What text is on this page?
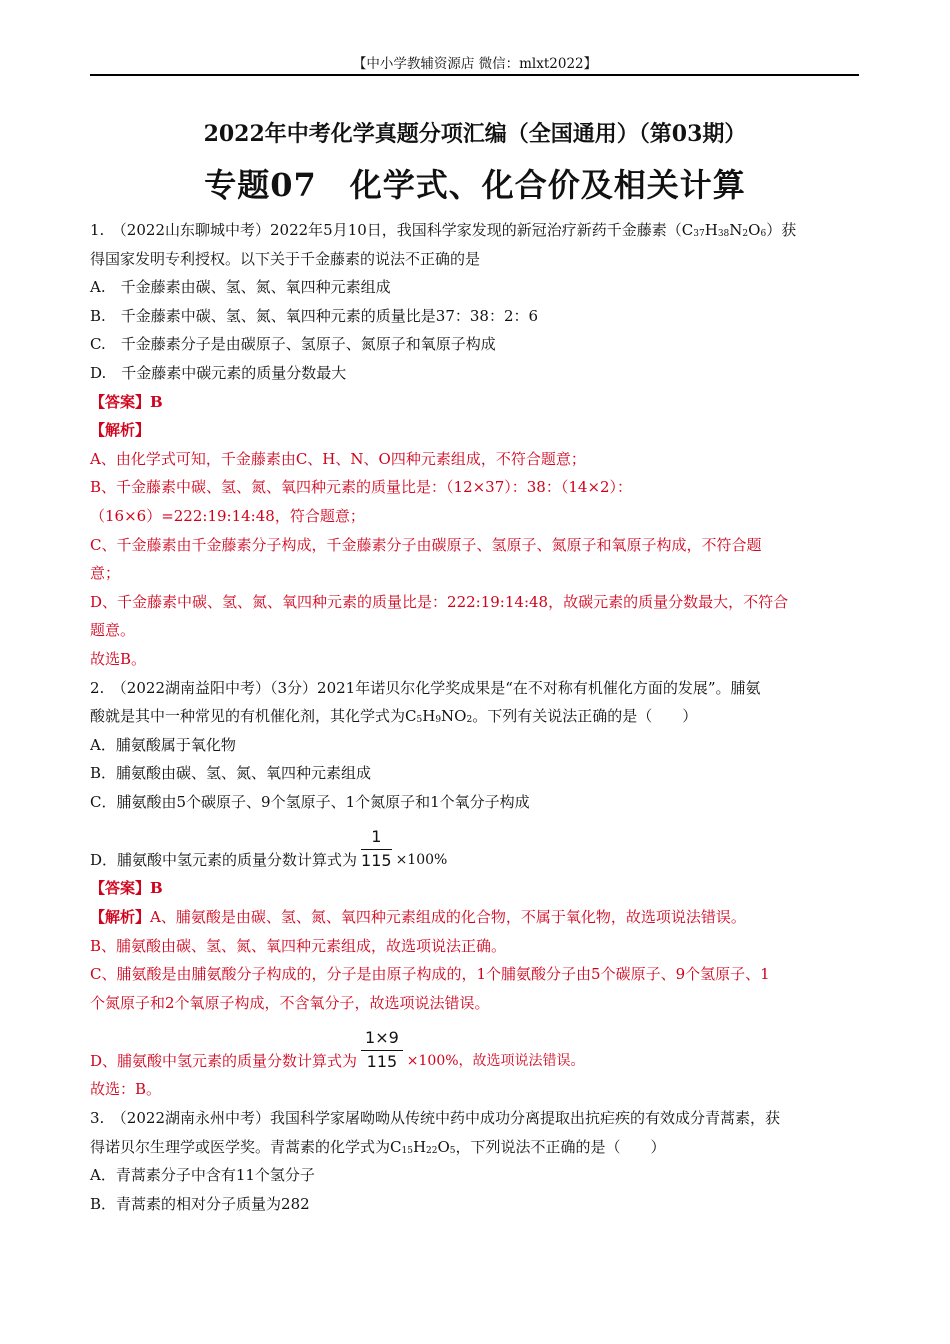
【中小学教辅资源店 微信：mlxt2022】
2022年中考化学真题分项汇编（全国通用）（第03期）
专题07　化学式、化合价及相关计算
1.　（2022山东聊城中考）2022年5月10日，我国科学家发现的新冠治疗新药千金藤素$(C_{37}H_{38}N_2O_6)$获
得国家发明专利授权。以下关于千金藤素的说法不正确的是
A.　千金藤素由碳、氢、氮、氧四种元素组成
B.　千金藤素中碳、氢、氮、氧四种元素的质量比是37：38：2：6
C.　千金藤素分子是由碳原子、氢原子、氮原子和氧原子构成
D.　千金藤素中碳元素的质量分数最大
【答案】B
【解析】
A、由化学式可知，千金藤素由C、H、N、O四种元素组成，不符合题意；
B、千金藤素中碳、氢、氮、氧四种元素的质量比是：（12×37）：38：（14×2）：
（16×6）=222:19:14:48，符合题意；
C、千金藤素由千金藤素分子构成，千金藤素分子由碳原子、氢原子、氮原子和氧原子构成，不符合题
意；
D、千金藤素中碳、氢、氮、氧四种元素的质量比是：222:19:14:48，故碳元素的质量分数最大，不符合
题意。
故选B。
2.　（2022湖南益阳中考）（3分）2021年诺贝尔化学奖成果是“在不对称有机催化方面的发展”。脯氨
酸就是其中一种常见的有机催化剂，其化学式为$C_5H_9NO_2$。下列有关说法正确的是（　　）
A．脯氨酸属于氧化物
B．脯氨酸由碳、氢、氮、氧四种元素组成
C．脯氨酸由5个碳原子、9个氢原子、1个氮原子和1个氧分子构成
D．脯氨酸中氢元素的质量分数计算式为 $\frac{1}{115} \times 100\%$
【答案】B
【解析】A、脯氨酸是由碳、氢、氮、氧四种元素组成的化合物，不属于氧化物，故选项说法错误。
B、脯氨酸由碳、氢、氮、氧四种元素组成，故选项说法正确。
C、脯氨酸是由脯氨酸分子构成的，分子是由原子构成的，1个脯氨酸分子由5个碳原子、9个氢原子、1
个氮原子和2个氧原子构成，不含氧分子，故选项说法错误。
D、脯氨酸中氢元素的质量分数计算式为 $\frac{1\times 9}{115} \times 100\%$，故选项说法错误。
故选：B。
3.　（2022湖南永州中考）我国科学家屠呦呦从传统中药中成功分离提取出抗疟疾的有效成分青蒿素，获
得诺贝尔生理学或医学奖。青蒿素的化学式为$C_{15}H_{22}O_5$，下列说法不正确的是（　　）
A．青蒿素分子中含有11个氢分子
B．青蒿素的相对分子质量为282
